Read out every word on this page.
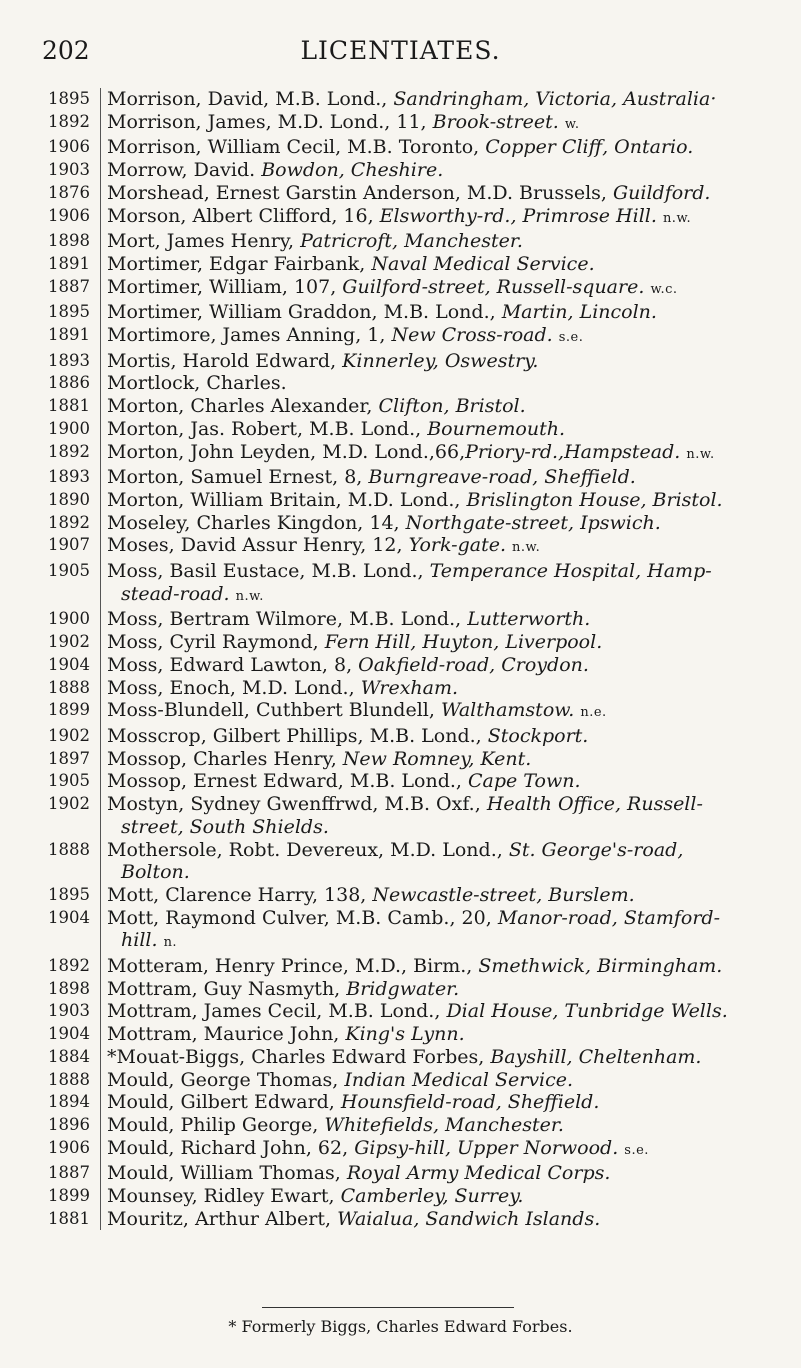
202	LICENTIATES.
1895 Morrison, David, M.B. Lond., Sandringham, Victoria, Australia·
1892 Morrison, James, M.D. Lond., 11, Brook-street. w.
1906 Morrison, William Cecil, M.B. Toronto, Copper Cliff, Ontario.
1903 Morrow, David. Bowdon, Cheshire.
1876 Morshead, Ernest Garstin Anderson, M.D. Brussels, Guildford.
1906 Morson, Albert Clifford, 16, Elsworthy-rd., Primrose Hill. n.w.
1898 Mort, James Henry, Patricroft, Manchester.
1891 Mortimer, Edgar Fairbank, Naval Medical Service.
1887 Mortimer, William, 107, Guilford-street, Russell-square. w.c.
1895 Mortimer, William Graddon, M.B. Lond., Martin, Lincoln.
1891 Mortimore, James Anning, 1, New Cross-road. s.e.
1893 Mortis, Harold Edward, Kinnerley, Oswestry.
1886 Mortlock, Charles.
1881 Morton, Charles Alexander, Clifton, Bristol.
1900 Morton, Jas. Robert, M.B. Lond., Bournemouth.
1892 Morton, John Leyden, M.D. Lond.,66,Priory-rd.,Hampstead. n.w.
1893 Morton, Samuel Ernest, 8, Burngreave-road, Sheffield.
1890 Morton, William Britain, M.D. Lond., Brislington House, Bristol.
1892 Moseley, Charles Kingdon, 14, Northgate-street, Ipswich.
1907 Moses, David Assur Henry, 12, York-gate. n.w.
1905 Moss, Basil Eustace, M.B. Lond., Temperance Hospital, Hamp-
stead-road. n.w.
1900 Moss, Bertram Wilmore, M.B. Lond., Lutterworth.
1902 Moss, Cyril Raymond, Fern Hill, Huyton, Liverpool.
1904 Moss, Edward Lawton, 8, Oakfield-road, Croydon.
1888 Moss, Enoch, M.D. Lond., Wrexham.
1899 Moss-Blundell, Cuthbert Blundell, Walthamstow. n.e.
1902 Mosscrop, Gilbert Phillips, M.B. Lond., Stockport.
1897 Mossop, Charles Henry, New Romney, Kent.
1905 Mossop, Ernest Edward, M.B. Lond., Cape Town.
1902 Mostyn, Sydney Gwenffrwd, M.B. Oxf., Health Office, Russell-
street, South Shields.
1888 Mothersole, Robt. Devereux, M.D. Lond., St. George's-road,
Bolton.
1895 Mott, Clarence Harry, 138, Newcastle-street, Burslem.
1904 Mott, Raymond Culver, M.B. Camb., 20, Manor-road, Stamford-
hill. n.
1892 Motteram, Henry Prince, M.D., Birm., Smethwick, Birmingham.
1898 Mottram, Guy Nasmyth, Bridgwater.
1903 Mottram, James Cecil, M.B. Lond., Dial House, Tunbridge Wells.
1904 Mottram, Maurice John, King's Lynn.
1884 *Mouat-Biggs, Charles Edward Forbes, Bayshill, Cheltenham.
1888 Mould, George Thomas, Indian Medical Service.
1894 Mould, Gilbert Edward, Hounsfield-road, Sheffield.
1896 Mould, Philip George, Whitefields, Manchester.
1906 Mould, Richard John, 62, Gipsy-hill, Upper Norwood. s.e.
1887 Mould, William Thomas, Royal Army Medical Corps.
1899 Mounsey, Ridley Ewart, Camberley, Surrey.
1881 Mouritz, Arthur Albert, Waialua, Sandwich Islands.
* Formerly Biggs, Charles Edward Forbes.
